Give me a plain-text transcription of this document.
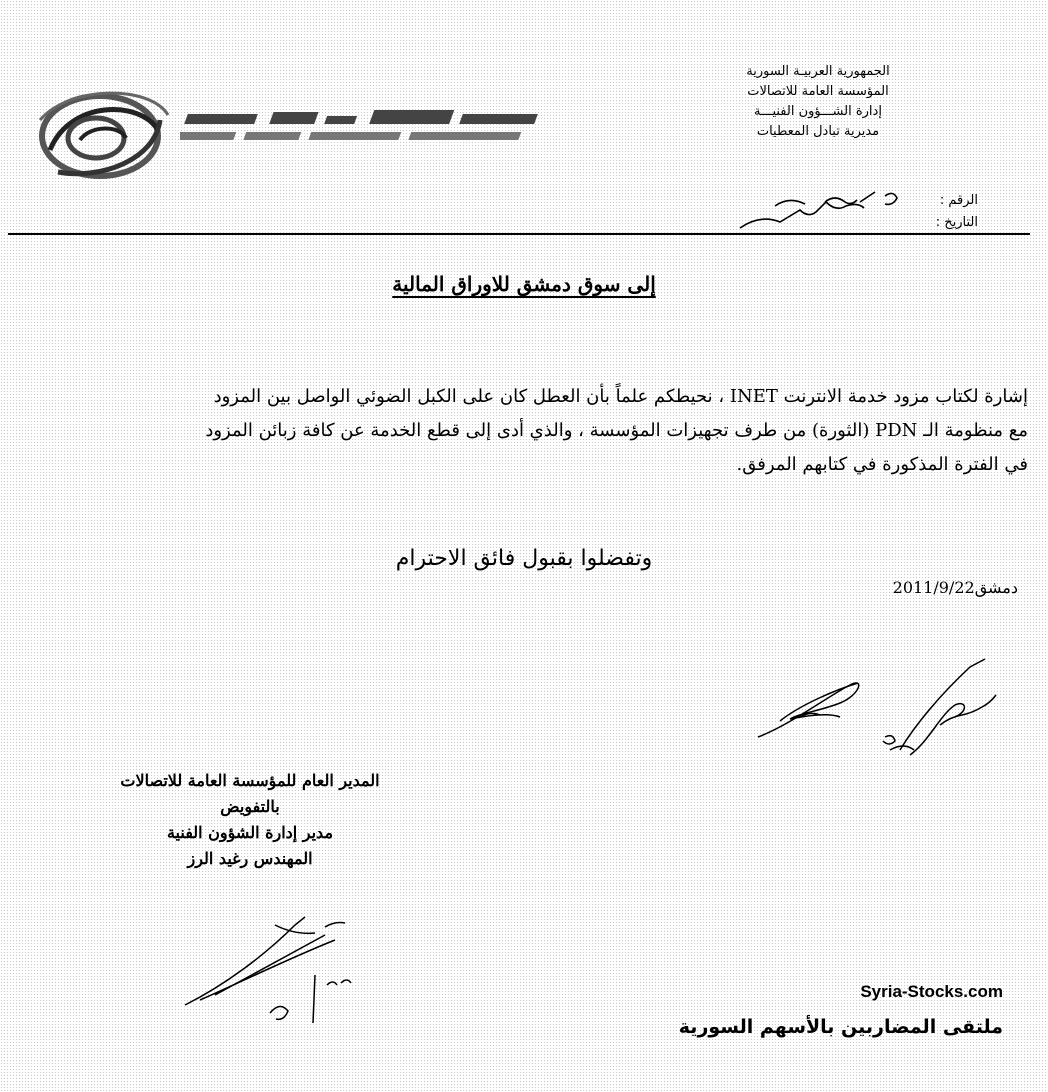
الجمهورية العربيـة السورية
المؤسسة العامة للاتصالات
إدارة الشـــؤون الفنيـــة
مديرية تبادل المعطيات
الرقم :
التاريخ :
إلى سوق دمشق للاوراق المالية

إشارة لكتاب مزود خدمة الانترنت INET ، نحيطكم علماً بأن العطل كان على الكبل الضوئي الواصل بين المزود

مع منظومة الـ PDN (الثورة) من طرف تجهيزات المؤسسة ، والذي أدى إلى قطع الخدمة عن كافة زبائن المزود

في الفترة المذكورة في كتابهم المرفق.

وتفضلوا بقبول فائق الاحترام
دمشق2011/9/22
المدير العام للمؤسسة العامة للاتصالات
بالتفويض
مدير إدارة الشؤون الفنية
المهندس رغيد الرز
Syria-Stocks.com
ملتقى المضاربين بالأسهم السورية
